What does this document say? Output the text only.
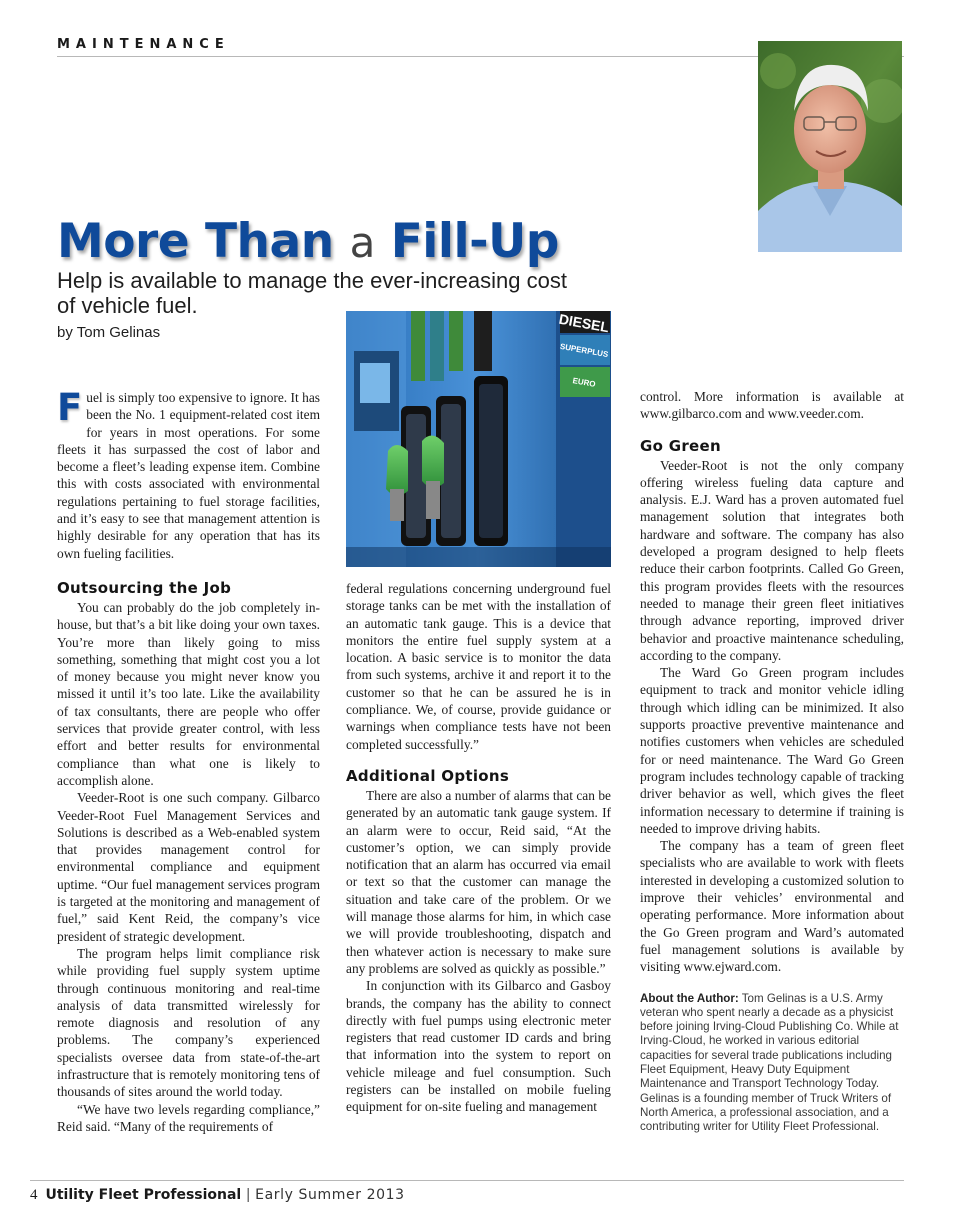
MAINTENANCE
More Than a Fill-Up
Help is available to manage the ever-increasing cost of vehicle fuel.
by Tom Gelinas	DIESEL
SUPERPLUS
EURO

Fuel is simply too expensive to ignore. It has been the No. 1 equipment-related cost item for years in most operations. For some fleets it has surpassed the cost of labor and become a fleet’s leading expense item. Combine this with costs associated with environmental regulations pertaining to fuel storage facilities, and it’s easy to see that management attention is highly desirable for any operation that has its own fueling facilities.

Outsourcing the Job

You can probably do the job completely in-house, but that’s a bit like doing your own taxes. You’re more than likely going to miss something, something that might cost you a lot of money because you might never know you missed it until it’s too late. Like the availability of tax consultants, there are people who offer services that provide greater control, with less effort and better results for environmental compliance than what one is likely to accomplish alone.

Veeder-Root is one such company. Gilbarco Veeder-Root Fuel Management Services and Solutions is described as a Web-enabled system that provides management control for environmental compliance and equipment uptime. “Our fuel management services program is targeted at the monitoring and management of fuel,” said Kent Reid, the company’s vice president of strategic development.

The program helps limit compliance risk while providing fuel supply system uptime through continuous monitoring and real-time analysis of data transmitted wirelessly for remote diagnosis and resolution of any problems. The company’s experienced specialists oversee data from state-of-the-art infrastructure that is remotely monitoring tens of thousands of sites around the world today.

“We have two levels regarding compliance,” Reid said. “Many of the requirements of

federal regulations concerning underground fuel storage tanks can be met with the installation of an automatic tank gauge. This is a device that monitors the entire fuel supply system at a location. A basic service is to monitor the data from such systems, archive it and report it to the customer so that he can be assured he is in compliance. We, of course, provide guidance or warnings when compliance tests have not been completed successfully.”

Additional Options

There are also a number of alarms that can be generated by an automatic tank gauge system. If an alarm were to occur, Reid said, “At the customer’s option, we can simply provide notification that an alarm has occurred via email or text so that the customer can manage the situation and take care of the problem. Or we will manage those alarms for him, in which case we will provide troubleshooting, dispatch and then whatever action is necessary to make sure any problems are solved as quickly as possible.”

In conjunction with its Gilbarco and Gasboy brands, the company has the ability to connect directly with fuel pumps using electronic meter registers that read customer ID cards and bring that information into the system to report on vehicle mileage and fuel consumption. Such registers can be installed on mobile fueling equipment for on-site fueling and management

control. More information is available at www.gilbarco.com and www.veeder.com.

Go Green

Veeder-Root is not the only company offering wireless fueling data capture and analysis. E.J. Ward has a proven automated fuel management solution that integrates both hardware and software. The company has also developed a program designed to help fleets reduce their carbon footprints. Called Go Green, this program provides fleets with the resources needed to manage their green fleet initiatives through advance reporting, improved driver behavior and proactive maintenance scheduling, according to the company.

The Ward Go Green program includes equipment to track and monitor vehicle idling through which idling can be minimized. It also supports proactive preventive maintenance and notifies customers when vehicles are scheduled for or need maintenance. The Ward Go Green program includes technology capable of tracking driver behavior as well, which gives the fleet information necessary to determine if training is needed to improve driving habits.

The company has a team of green fleet specialists who are available to work with fleets interested in developing a customized solution to improve their vehicles’ environmental and operating performance. More information about the Go Green program and Ward’s automated fuel management solutions is available by visiting www.ejward.com.

About the Author: Tom Gelinas is a U.S. Army veteran who spent nearly a decade as a physicist before joining Irving-Cloud Publishing Co. While at Irving-Cloud, he worked in various editorial capacities for several trade publications including Fleet Equipment, Heavy Duty Equipment Maintenance and Transport Technology Today. Gelinas is a founding member of Truck Writers of North America, a professional association, and a contributing writer for Utility Fleet Professional.
4 Utility Fleet Professional | Early Summer 2013
